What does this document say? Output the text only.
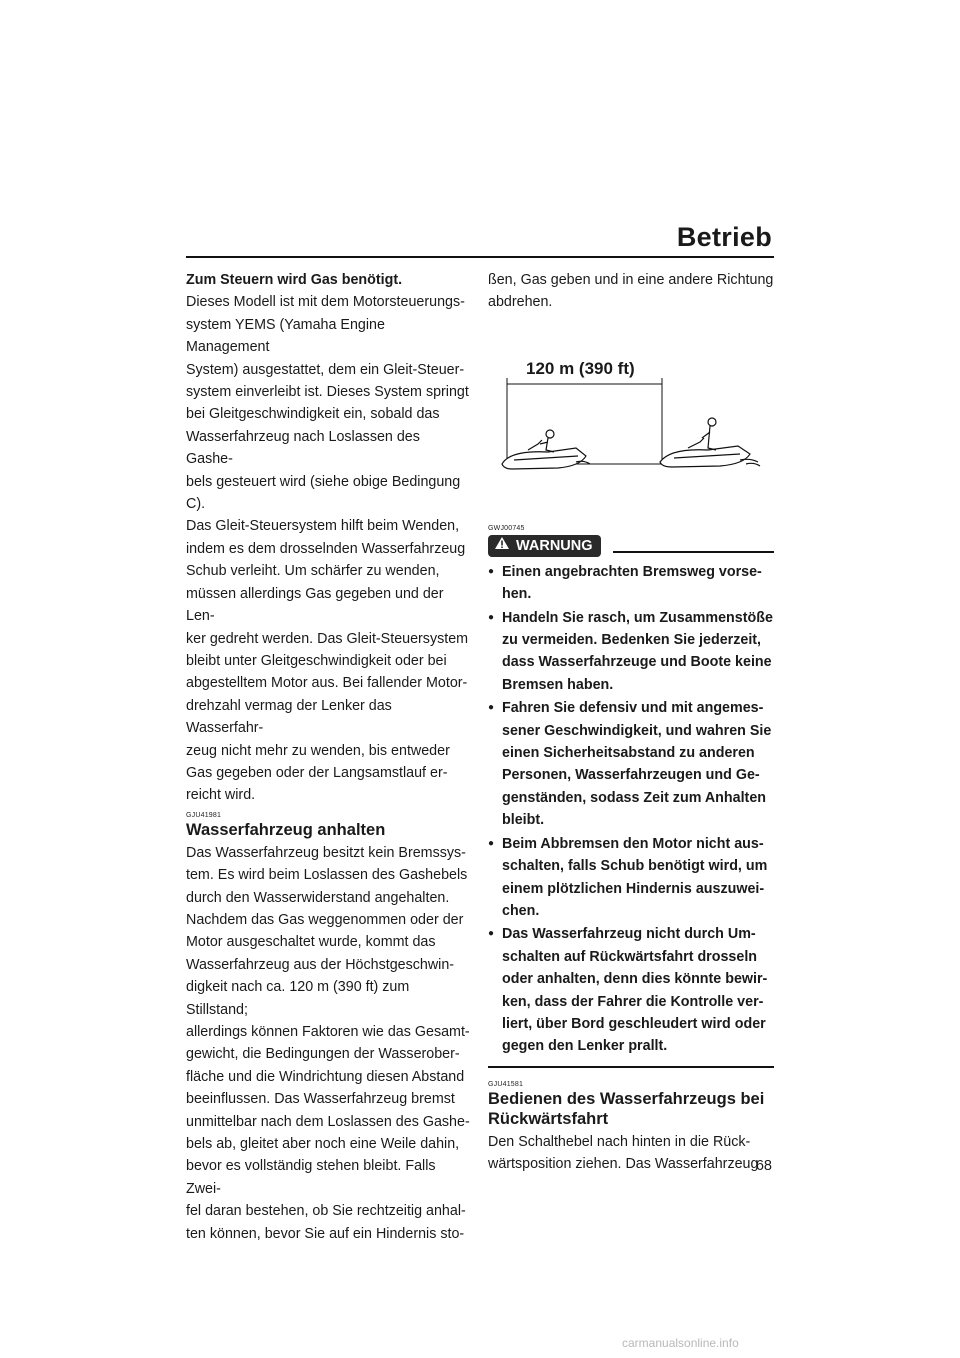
Betrieb

Zum Steuern wird Gas benötigt.

Dieses Modell ist mit dem Motorsteuerungs-
system YEMS (Yamaha Engine Management
System) ausgestattet, dem ein Gleit-Steuer-
system einverleibt ist. Dieses System springt
bei Gleitgeschwindigkeit ein, sobald das
Wasserfahrzeug nach Loslassen des Gashe-
bels gesteuert wird (siehe obige Bedingung
C).
Das Gleit-Steuersystem hilft beim Wenden,
indem es dem drosselnden Wasserfahrzeug
Schub verleiht. Um schärfer zu wenden,
müssen allerdings Gas gegeben und der Len-
ker gedreht werden. Das Gleit-Steuersystem
bleibt unter Gleitgeschwindigkeit oder bei
abgestelltem Motor aus. Bei fallender Motor-
drehzahl vermag der Lenker das Wasserfahr-
zeug nicht mehr zu wenden, bis entweder
Gas gegeben oder der Langsamstlauf er-
reicht wird.
GJU41981
Wasserfahrzeug anhalten
Das Wasserfahrzeug besitzt kein Bremssys-
tem. Es wird beim Loslassen des Gashebels
durch den Wasserwiderstand angehalten.
Nachdem das Gas weggenommen oder der
Motor ausgeschaltet wurde, kommt das
Wasserfahrzeug aus der Höchstgeschwin-
digkeit nach ca. 120 m (390 ft) zum Stillstand;
allerdings können Faktoren wie das Gesamt-
gewicht, die Bedingungen der Wasserober-
fläche und die Windrichtung diesen Abstand
beeinflussen. Das Wasserfahrzeug bremst
unmittelbar nach dem Loslassen des Gashe-
bels ab, gleitet aber noch eine Weile dahin,
bevor es vollständig stehen bleibt. Falls Zwei-
fel daran bestehen, ob Sie rechtzeitig anhal-
ten können, bevor Sie auf ein Hindernis sto-
ßen, Gas geben und in eine andere Richtung
abdrehen.
120 m (390 ft)
GWJ00745
WARNUNG
● Einen angebrachten Bremsweg vorse-
hen.
● Handeln Sie rasch, um Zusammenstöße
zu vermeiden. Bedenken Sie jederzeit,
dass Wasserfahrzeuge und Boote keine
Bremsen haben.
● Fahren Sie defensiv und mit angemes-
sener Geschwindigkeit, und wahren Sie
einen Sicherheitsabstand zu anderen
Personen, Wasserfahrzeugen und Ge-
genständen, sodass Zeit zum Anhalten
bleibt.
● Beim Abbremsen den Motor nicht aus-
schalten, falls Schub benötigt wird, um
einem plötzlichen Hindernis auszuwei-
chen.
● Das Wasserfahrzeug nicht durch Um-
schalten auf Rückwärtsfahrt drosseln
oder anhalten, denn dies könnte bewir-
ken, dass der Fahrer die Kontrolle ver-
liert, über Bord geschleudert wird oder
gegen den Lenker prallt.
GJU41581
Bedienen des Wasserfahrzeugs bei
Rückwärtsfahrt
Den Schalthebel nach hinten in die Rück-
wärtsposition ziehen. Das Wasserfahrzeug
68
carmanualsonline.info
